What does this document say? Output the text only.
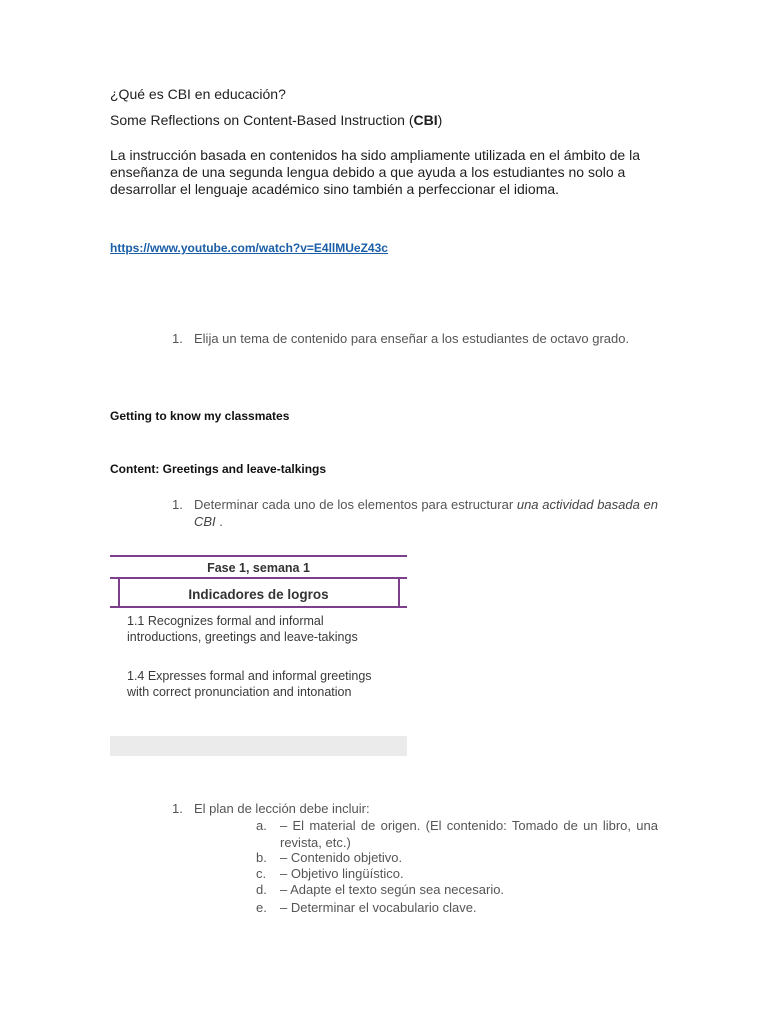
¿Qué es CBI en educación?
Some Reflections on Content-Based Instruction (CBI)
La instrucción basada en contenidos ha sido ampliamente utilizada en el ámbito de la enseñanza de una segunda lengua debido a que ayuda a los estudiantes no solo a desarrollar el lenguaje académico sino también a perfeccionar el idioma.
https://www.youtube.com/watch?v=E4llMUeZ43c
1. Elija un tema de contenido para enseñar a los estudiantes de octavo grado.
Getting to know my classmates
Content: Greetings and leave-talkings
1. Determinar cada uno de los elementos para estructurar una actividad basada en CBI .
Fase 1, semana 1
Indicadores de logros
1.1 Recognizes formal and informal introductions, greetings and leave-takings
1.4 Expresses formal and informal greetings with correct pronunciation and intonation
1. El plan de lección debe incluir:
a. – El material de origen. (El contenido: Tomado de un libro, una revista, etc.)
b. – Contenido objetivo.
c. – Objetivo lingüístico.
d. – Adapte el texto según sea necesario.
e. – Determinar el vocabulario clave.
